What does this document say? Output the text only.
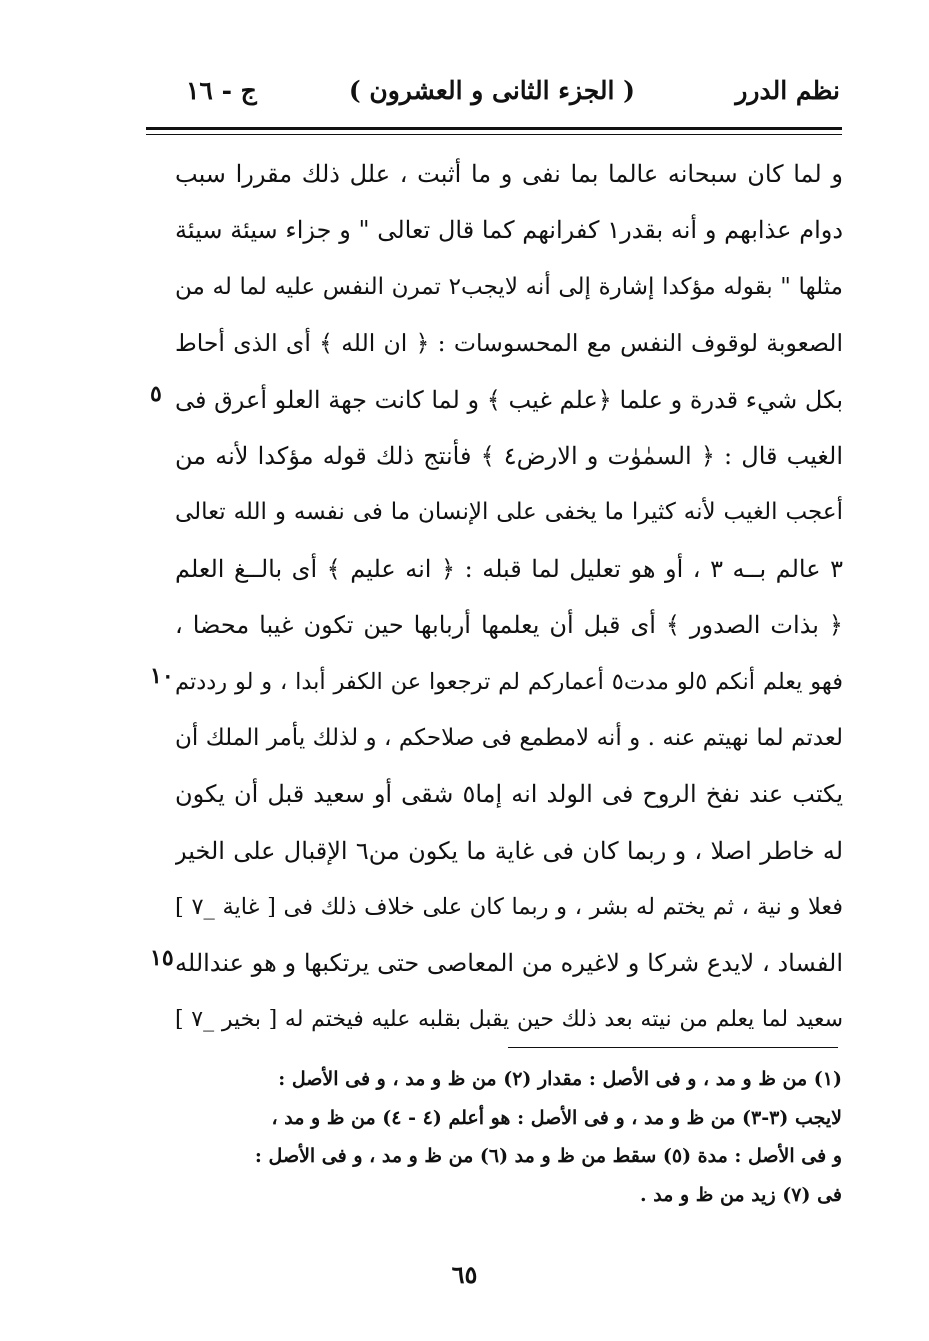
نظم الدرر
( الجزء الثانى و العشرون )
ج - ١٦
و لما كان سبحانه عالما بما نفى و ما أثبت ، علل ذلك مقررا سبب
دوام عذابهم و أنه بقدر١ كفرانهم كما قال تعالى " و جزاء سيئة سيئة
مثلها " بقوله مؤكدا إشارة إلى أنه لايجب٢ تمرن النفس عليه لما له من
الصعوبة لوقوف النفس مع المحسوسات : ﴿ ان الله ﴾ أى الذى أحاط
بكل شيء قدرة و علما ﴿علم غيب ﴾ و لما كانت جهة العلو أعرق فى
الغيب قال : ﴿ السمٰوٰت و الارض٤ ﴾ فأنتج ذلك قوله مؤكدا لأنه من
أعجب الغيب لأنه كثيرا ما يخفى على الإنسان ما فى نفسه و الله تعالى
٣ عالم بــه ٣ ، أو هو تعليل لما قبله : ﴿ انه عليم ﴾ أى بالــغ العلم
﴿ بذات الصدور ﴾ أى قبل أن يعلمها أربابها حين تكون غيبا محضا ،
فهو يعلم أنكم ٥لو مدت٥ أعماركم لم ترجعوا عن الكفر أبدا ، و لو رددتم
لعدتم لما نهيتم عنه . و أنه لامطمع فى صلاحكم ، و لذلك يأمر الملك أن
يكتب عند نفخ الروح فى الولد انه إما٥ شقى أو سعيد قبل أن يكون
له خاطر اصلا ، و ربما كان فى غاية ما يكون من٦ الإقبال على الخير
فعلا و نية ، ثم يختم له بشر ، و ربما كان على خلاف ذلك فى [ غاية _٧ ]
الفساد ، لايدع شركا و لاغيره من المعاصى حتى يرتكبها و هو عندالله
سعيد لما يعلم من نيته بعد ذلك حين يقبل بقلبه عليه فيختم له [ بخير _٧ ]
٥
١٠
١٥
(١) من ظ و مد ، و فى الأصل : مقدار (٢) من ظ و مد ، و فى الأصل :
لايجب (٣-٣) من ظ و مد ، و فى الأصل : هو أعلم (٤ - ٤) من ظ و مد ،
و فى الأصل : مدة (٥) سقط من ظ و مد (٦) من ظ و مد ، و فى الأصل :
فى (٧) زيد من ظ و مد .
٦٥
